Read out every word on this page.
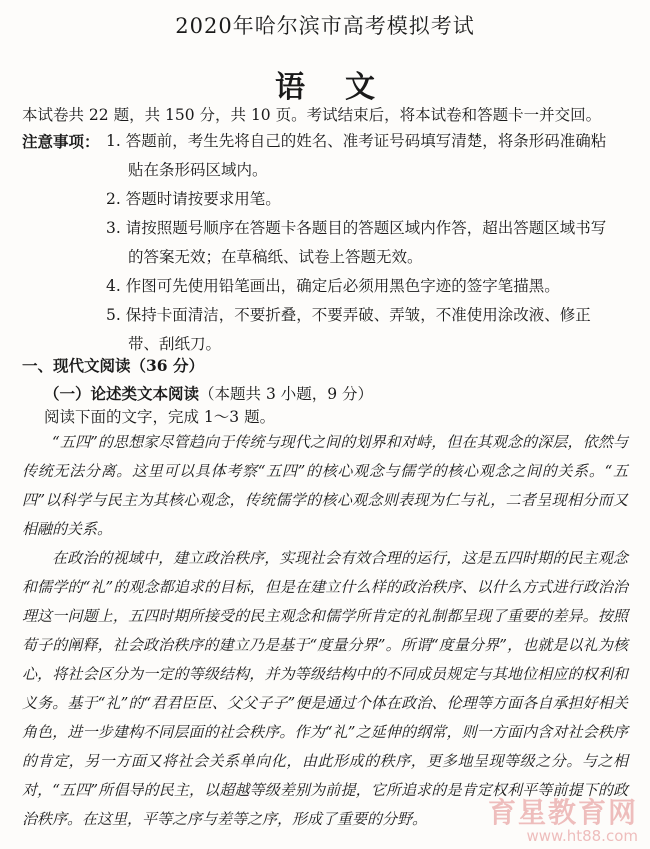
2020年哈尔滨市高考模拟考试
语文
本试卷共 22 题，共 150 分，共 10 页。考试结束后，将本试卷和答题卡一并交回。
注意事项： 1. 答题前，考生先将自己的姓名、准考证号码填写清楚，将条形码准确粘
贴在条形码区域内。
2. 答题时请按要求用笔。
3. 请按照题号顺序在答题卡各题目的答题区域内作答，超出答题区域书写
的答案无效；在草稿纸、试卷上答题无效。
4. 作图可先使用铅笔画出，确定后必须用黑色字迹的签字笔描黑。
5. 保持卡面清洁，不要折叠，不要弄破、弄皱，不准使用涂改液、修正
带、刮纸刀。
一、现代文阅读（36 分）
（一）论述类文本阅读（本题共 3 小题，9 分）
阅读下面的文字，完成 1～3 题。
“五四”的思想家尽管趋向于传统与现代之间的划界和对峙，但在其观念的深层，依然与传统无法分离。这里可以具体考察“五四”的核心观念与儒学的核心观念之间的关系。“五四”以科学与民主为其核心观念，传统儒学的核心观念则表现为仁与礼，二者呈现相分而又相融的关系。
在政治的视域中，建立政治秩序，实现社会有效合理的运行，这是五四时期的民主观念和儒学的“礼”的观念都追求的目标，但是在建立什么样的政治秩序、以什么方式进行政治治理这一问题上，五四时期所接受的民主观念和儒学所肯定的礼制都呈现了重要的差异。按照荀子的阐释，社会政治秩序的建立乃是基于“度量分界”。所谓“度量分界”，也就是以礼为核心，将社会区分为一定的等级结构，并为等级结构中的不同成员规定与其地位相应的权利和义务。基于“礼”的“君君臣臣、父父子子”便是通过个体在政治、伦理等方面各自承担好相关角色，进一步建构不同层面的社会秩序。作为“礼”之延伸的纲常，则一方面内含对社会秩序的肯定，另一方面又将社会关系单向化，由此形成的秩序，更多地呈现等级之分。与之相对，“五四”所倡导的民主，以超越等级差别为前提，它所追求的是肯定权利平等前提下的政治秩序。在这里，平等之序与差等之序，形成了重要的分野。	育星教育网
www.ht88.com
